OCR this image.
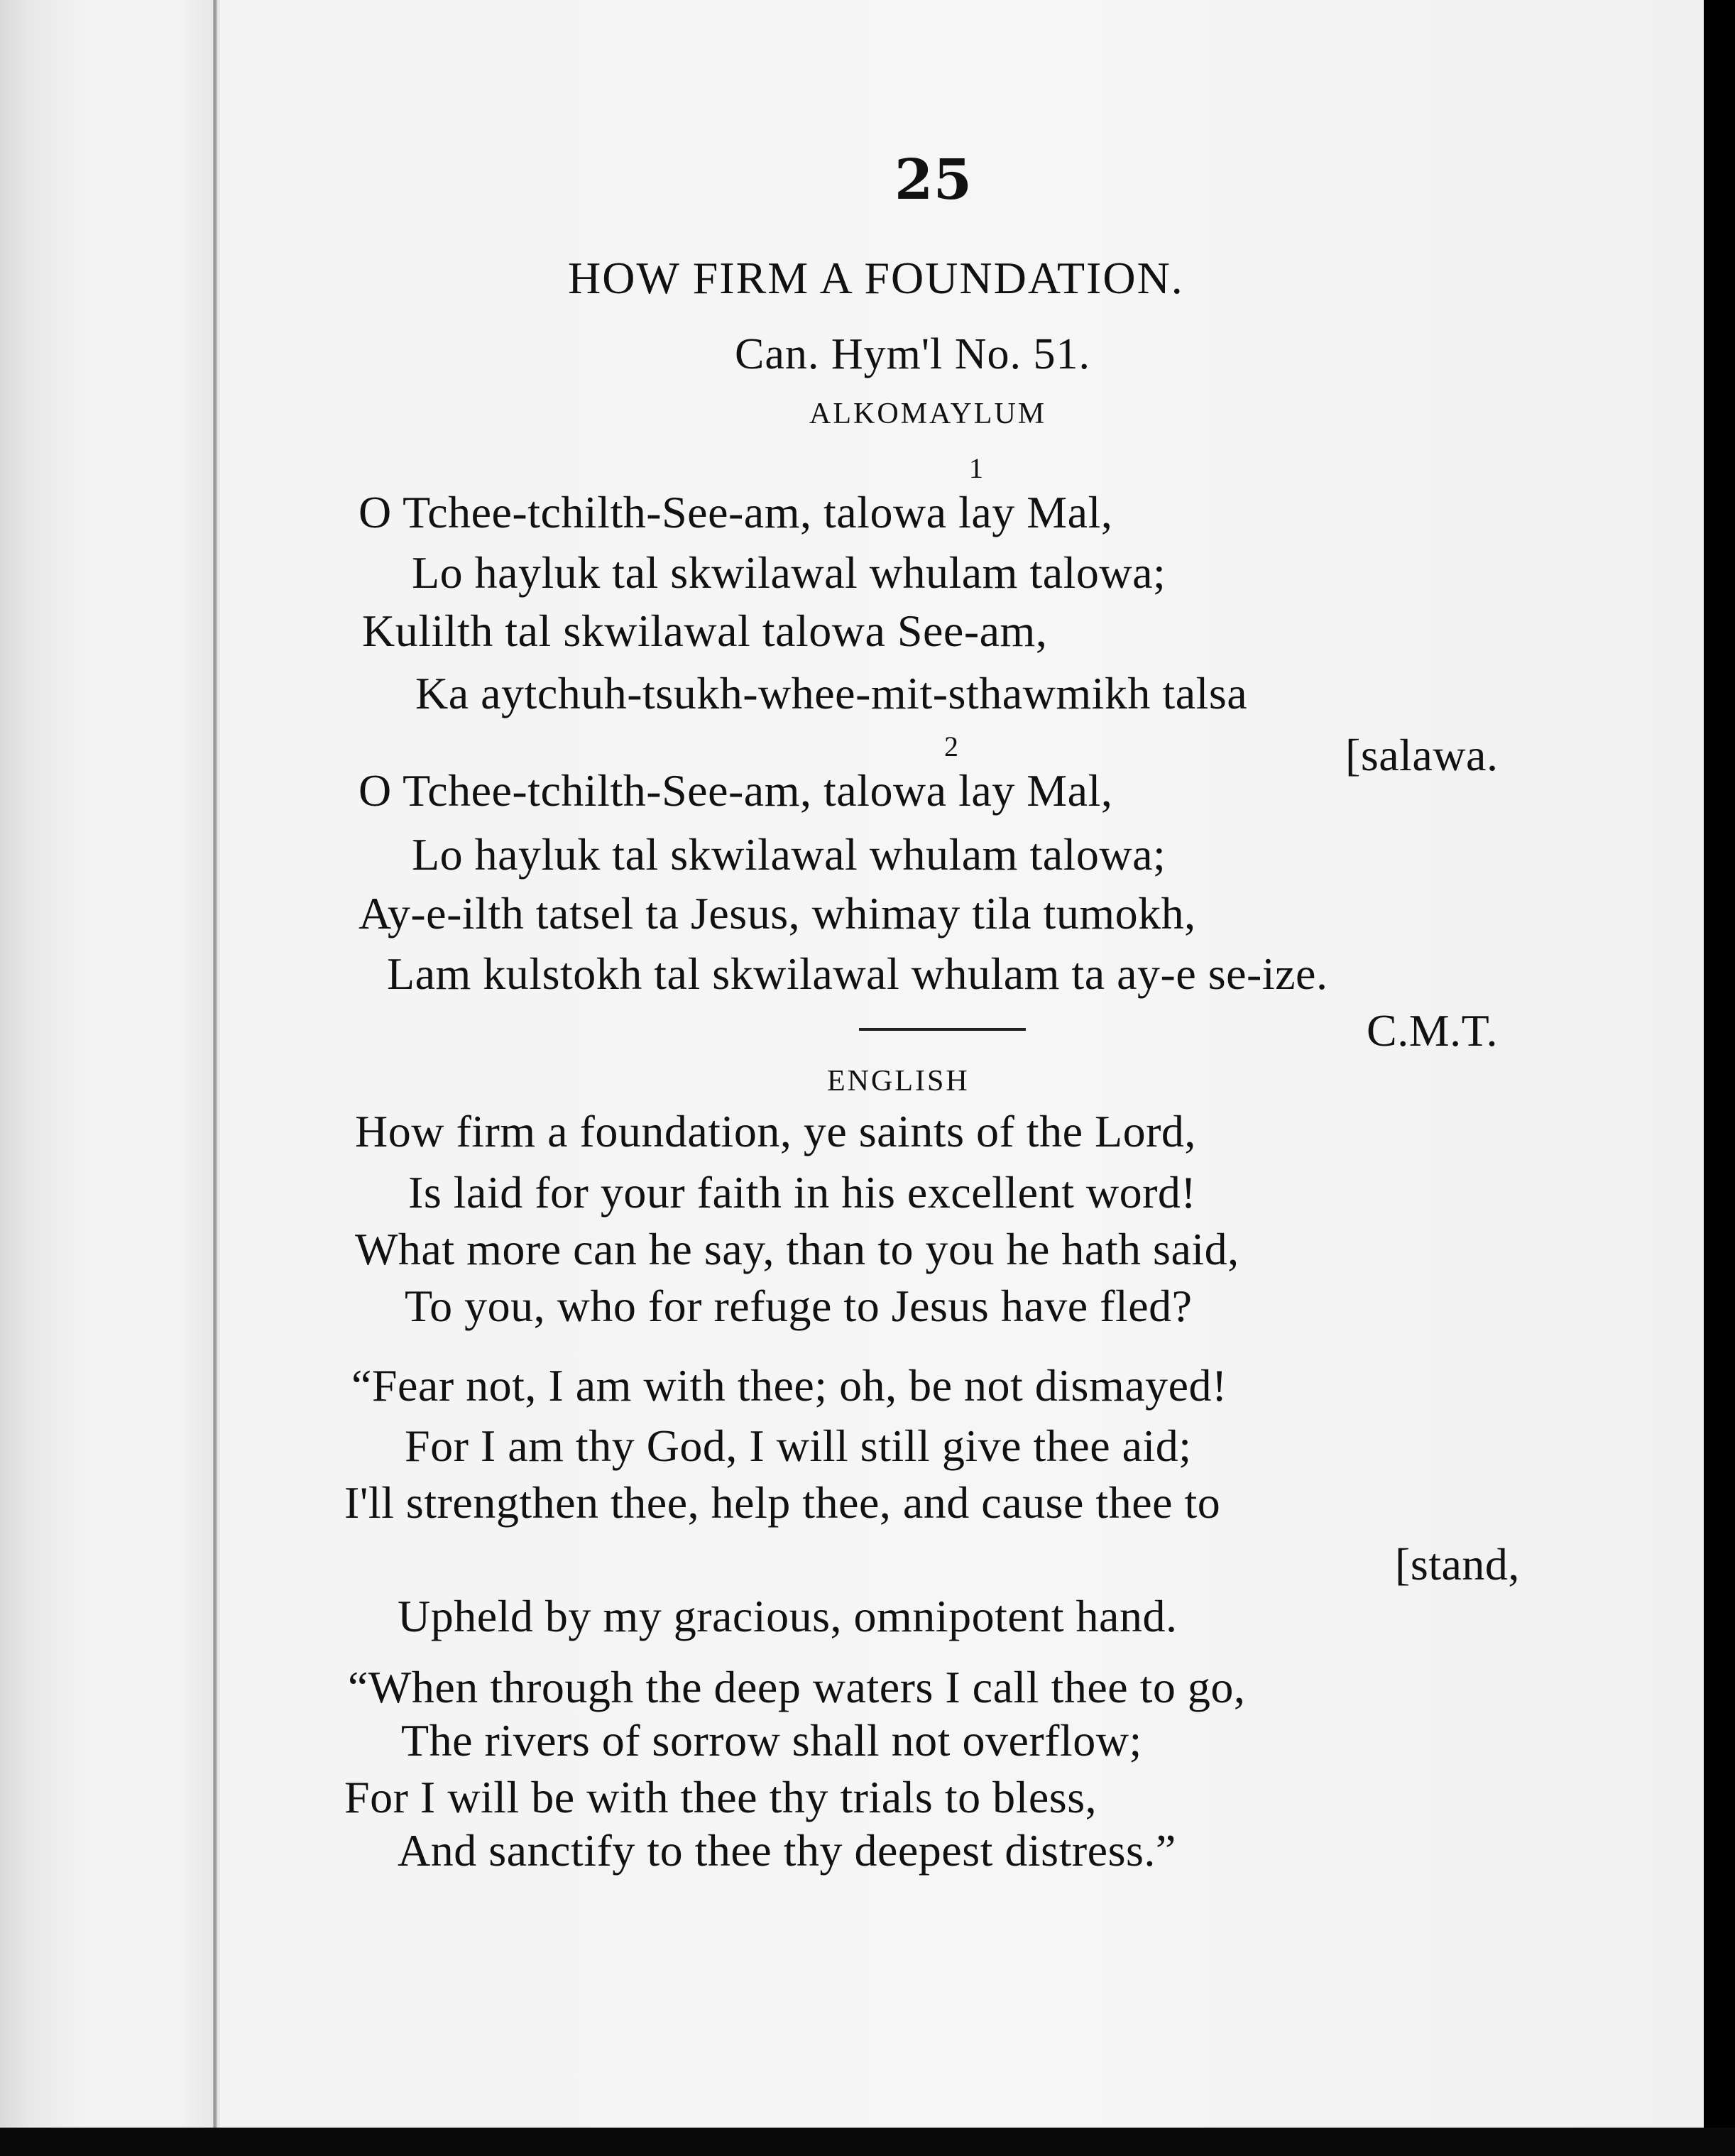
25
HOW FIRM A FOUNDATION.
Can. Hym'l No. 51.
ALKOMAYLUM
1
O Tchee-tchilth-See-am, talowa lay Mal,
Lo hayluk tal skwilawal whulam talowa;
Kulilth tal skwilawal talowa See-am,
Ka aytchuh-tsukh-whee-mit-sthawmikh talsa
[salawa.
2
O Tchee-tchilth-See-am, talowa lay Mal,
Lo hayluk tal skwilawal whulam talowa;
Ay-e-ilth tatsel ta Jesus, whimay tila tumokh,
Lam kulstokh tal skwilawal whulam ta ay-e se-ize.
C.M.T.
ENGLISH
How firm a foundation, ye saints of the Lord,
Is laid for your faith in his excellent word!
What more can he say, than to you he hath said,
To you, who for refuge to Jesus have fled?
“Fear not, I am with thee; oh, be not dismayed!
For I am thy God, I will still give thee aid;
I'll strengthen thee, help thee, and cause thee to
[stand,
Upheld by my gracious, omnipotent hand.
“When through the deep waters I call thee to go,
The rivers of sorrow shall not overflow;
For I will be with thee thy trials to bless,
And sanctify to thee thy deepest distress.”
